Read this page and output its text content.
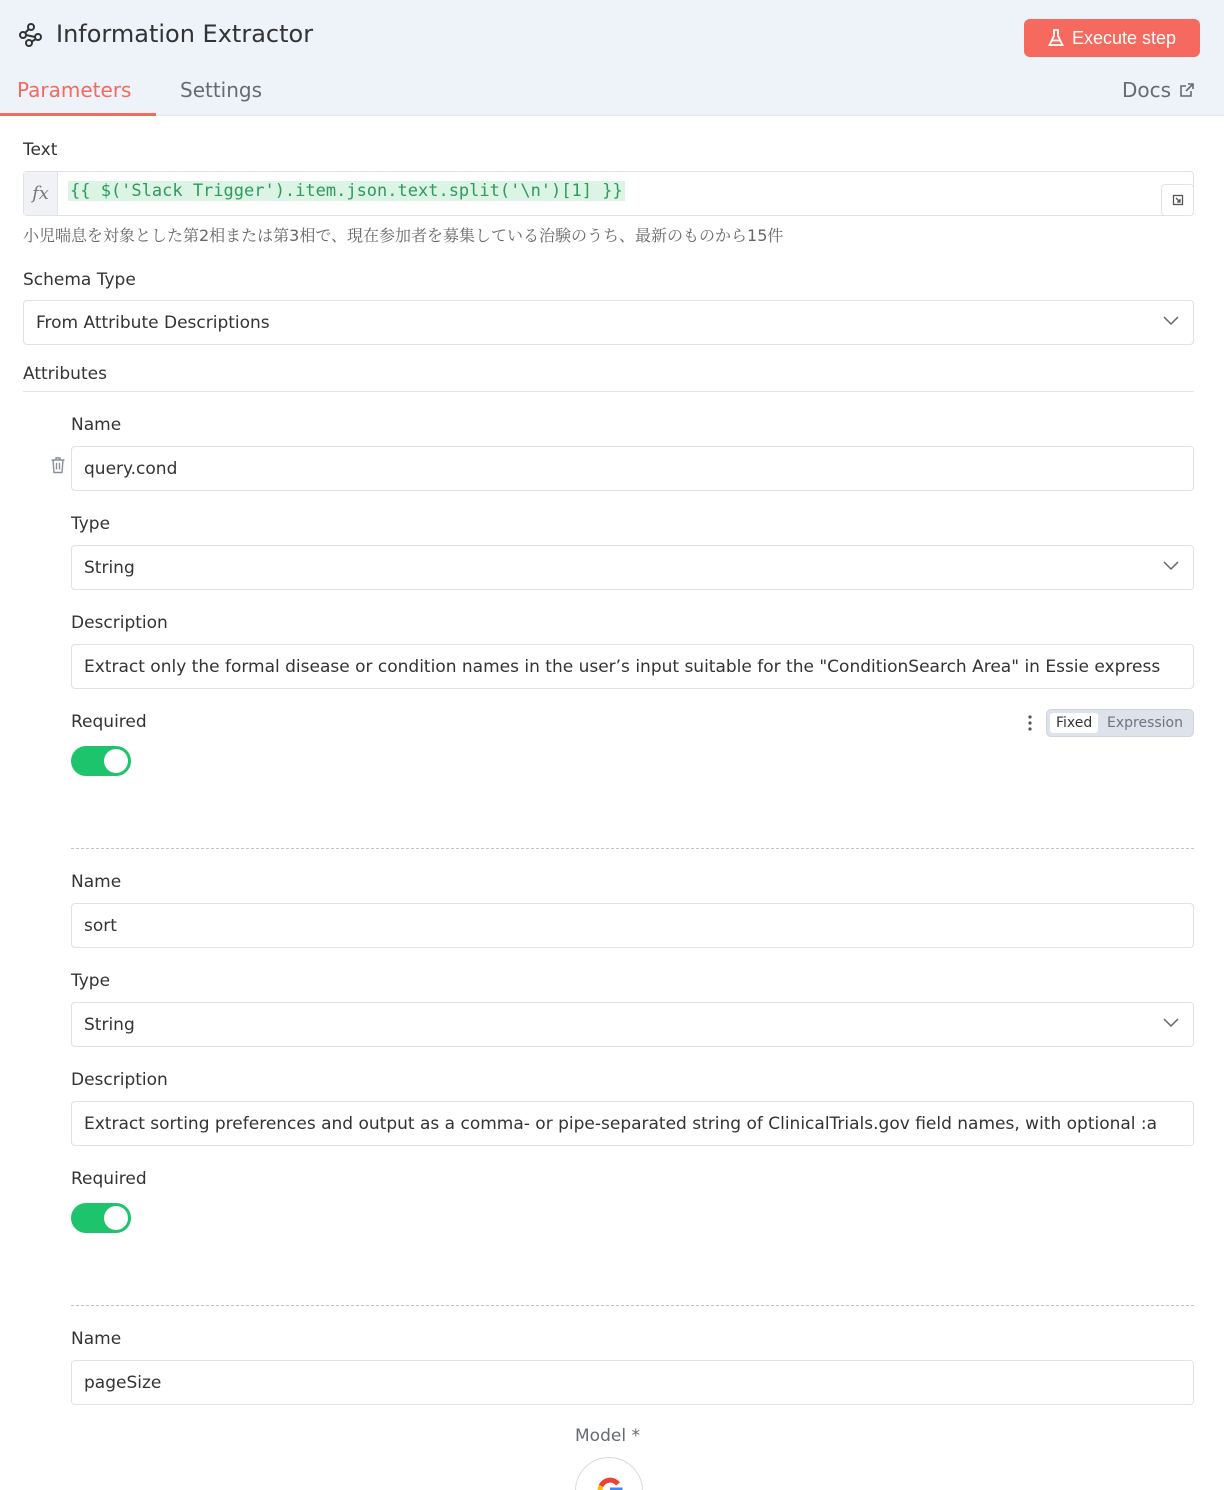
Information Extractor	Execute step
Parameters Settings	Docs
Text
fx	{{ $('Slack Trigger').item.json.text.split('\n')[1] }}
小児喘息を対象とした第2相または第3相で、現在参加者を募集している治験のうち、最新のものから15件
Schema Type
From Attribute Descriptions
Attributes
Name
query.cond
Type
String
Description
Extract only the formal disease or condition names in the user’s input suitable for the "ConditionSearch Area" in Essie express
Required	Fixed	Expression
Name
sort
Type
String
Description
Extract sorting preferences and output as a comma- or pipe-separated string of ClinicalTrials.gov field names, with optional :a
Required
Name
pageSize
Model *
